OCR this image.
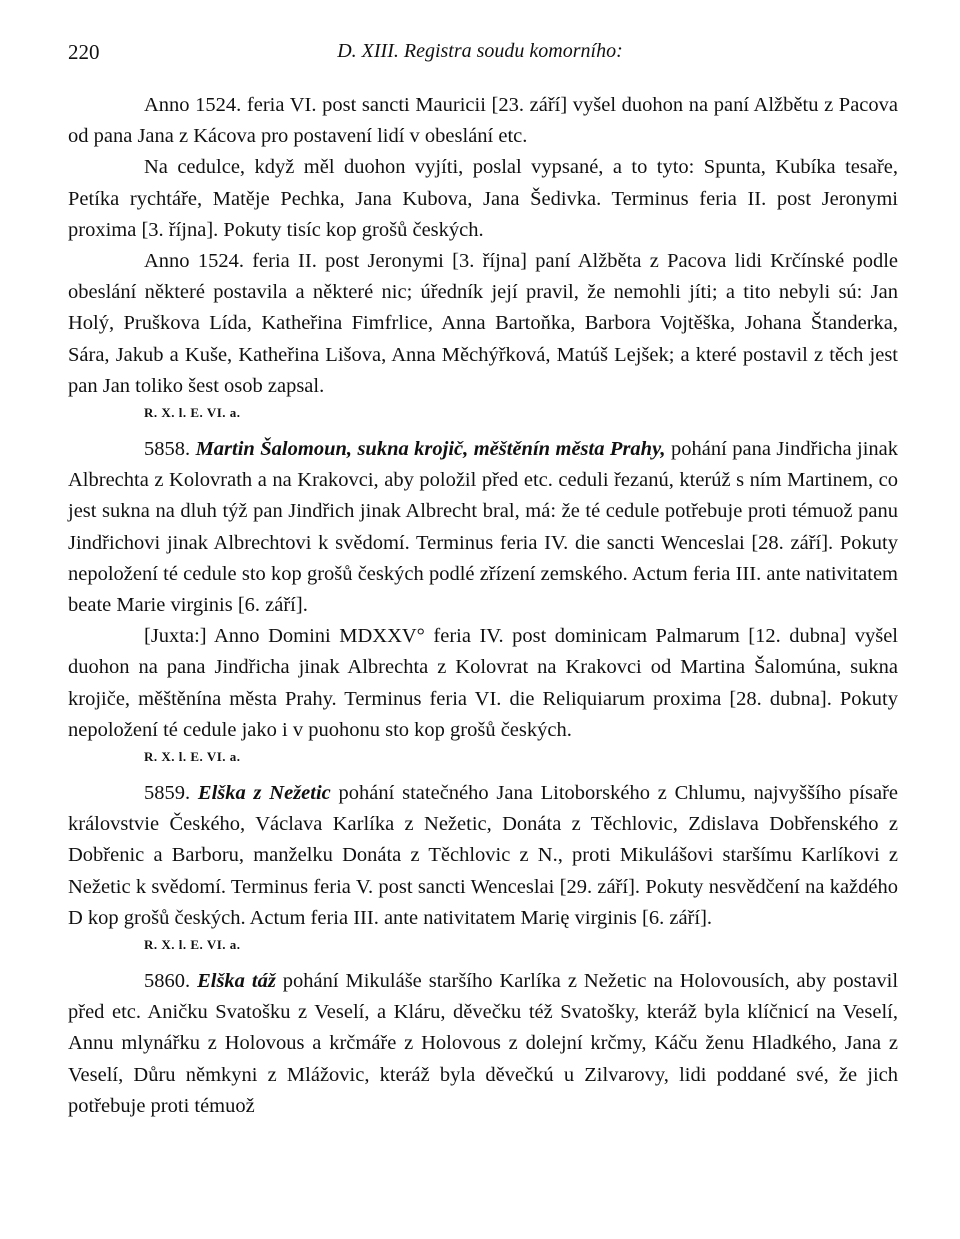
220	D. XIII. Registra soudu komorního:

Anno 1524. feria VI. post sancti Mauricii [23. září] vyšel duohon na paní Alžbětu z Pacova od pana Jana z Kácova pro postavení lidí v obeslání etc.

Na cedulce, když měl duohon vyjíti, poslal vypsané, a to tyto: Spunta, Kubíka tesaře, Petíka rychtáře, Matěje Pechka, Jana Kubova, Jana Šedivka. Terminus feria II. post Jeronymi proxima [3. října]. Pokuty tisíc kop grošů českých.

Anno 1524. feria II. post Jeronymi [3. října] paní Alžběta z Pacova lidi Krčínské podle obeslání některé postavila a některé nic; úředník její pravil, že nemohli jíti; a tito nebyli sú: Jan Holý, Pruškova Lída, Katheřina Fimfrlice, Anna Bartoňka, Barbora Vojtěška, Johana Štanderka, Sára, Jakub a Kuše, Katheřina Lišova, Anna Měchýřková, Matúš Lejšek; a které postavil z těch jest pan Jan toliko šest osob zapsal.

R. X. l. E. VI. a.

5858. Martin Šalomoun, sukna krojič, měštěnín města Prahy, pohání pana Jindřicha jinak Albrechta z Kolovrath a na Krakovci, aby položil před etc. ceduli řezanú, kterúž s ním Martinem, co jest sukna na dluh týž pan Jindřich jinak Albrecht bral, má: že té cedule potřebuje proti témuož panu Jindřichovi jinak Albrechtovi k svědomí. Terminus feria IV. die sancti Wenceslai [28. září]. Pokuty nepoložení té cedule sto kop grošů českých podlé zřízení zemského. Actum feria III. ante nativitatem beate Marie virginis [6. září].

[Juxta:] Anno Domini MDXXV° feria IV. post dominicam Palmarum [12. dubna] vyšel duohon na pana Jindřicha jinak Albrechta z Kolovrat na Krakovci od Martina Šalomúna, sukna krojiče, měštěnína města Prahy. Terminus feria VI. die Reliquiarum proxima [28. dubna]. Pokuty nepoložení té cedule jako i v puohonu sto kop grošů českých.

R. X. l. E. VI. a.

5859. Elška z Nežetic pohání statečného Jana Litoborského z Chlumu, najvyššího písaře královstvie Českého, Václava Karlíka z Nežetic, Donáta z Těchlovic, Zdislava Dobřenského z Dobřenic a Barboru, manželku Donáta z Těchlovic z N., proti Mikulášovi staršímu Karlíkovi z Nežetic k svědomí. Terminus feria V. post sancti Wenceslai [29. září]. Pokuty nesvědčení na každého D kop grošů českých. Actum feria III. ante nativitatem Marię virginis [6. září].

R. X. l. E. VI. a.

5860. Elška táž pohání Mikuláše staršího Karlíka z Nežetic na Holovousích, aby postavil před etc. Aničku Svatošku z Veselí, a Kláru, děvečku též Svatošky, kteráž byla klíčnicí na Veselí, Annu mlynářku z Holovous a krčmáře z Holovous z dolejní krčmy, Káču ženu Hladkého, Jana z Veselí, Důru němkyni z Mlážovic, kteráž byla děvečkú u Zilvarovy, lidi poddané své, že jich potřebuje proti témuož
